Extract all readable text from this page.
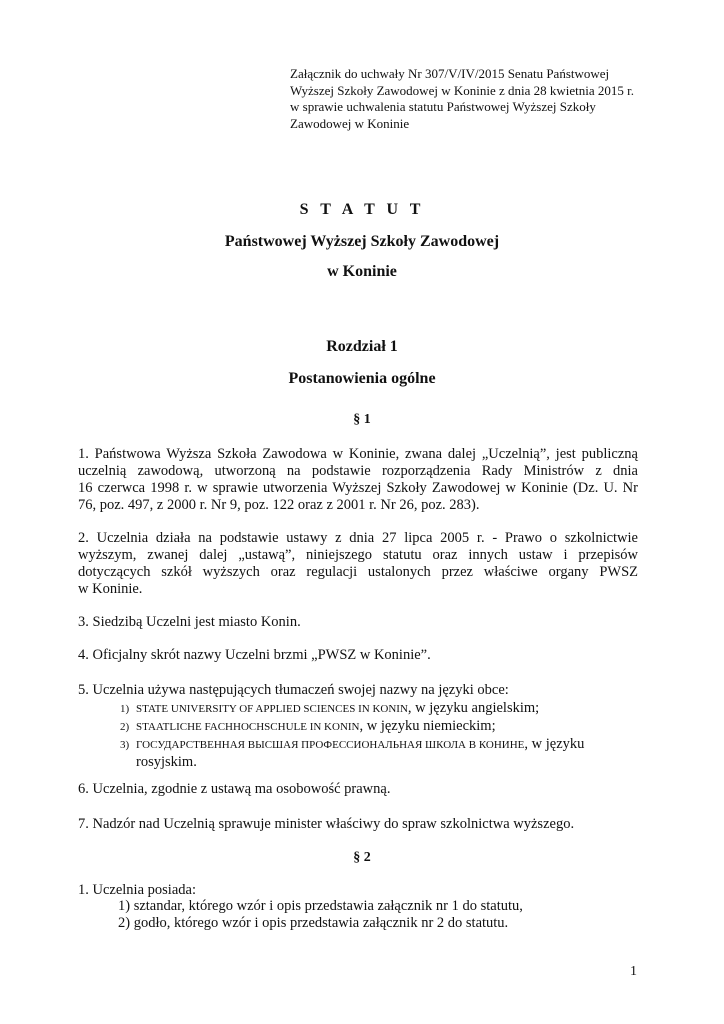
Załącznik do uchwały Nr 307/V/IV/2015 Senatu Państwowej
Wyższej Szkoły Zawodowej w Koninie z dnia 28 kwietnia 2015 r.
w sprawie uchwalenia statutu Państwowej Wyższej Szkoły
Zawodowej w Koninie
S T A T U T
Państwowej Wyższej Szkoły Zawodowej
w Koninie
Rozdział 1
Postanowienia ogólne
§ 1
1. Państwowa Wyższa Szkoła Zawodowa w Koninie, zwana dalej „Uczelnią”, jest publiczną
uczelnią zawodową, utworzoną na podstawie rozporządzenia Rady Ministrów z dnia
16 czerwca 1998 r. w sprawie utworzenia Wyższej Szkoły Zawodowej w Koninie (Dz. U. Nr
76, poz. 497, z 2000 r. Nr 9, poz. 122 oraz z 2001 r. Nr 26, poz. 283).
2. Uczelnia działa na podstawie ustawy z dnia 27 lipca 2005 r. - Prawo o szkolnictwie
wyższym, zwanej dalej „ustawą”, niniejszego statutu oraz innych ustaw i przepisów
dotyczących szkół wyższych oraz regulacji ustalonych przez właściwe organy PWSZ
w Koninie.
3. Siedzibą Uczelni jest miasto Konin.
4. Oficjalny skrót nazwy Uczelni brzmi „PWSZ w Koninie”.
5. Uczelnia używa następujących tłumaczeń swojej nazwy na języki obce:
1) STATE UNIVERSITY OF APPLIED SCIENCES IN KONIN, w języku angielskim;
2) STAATLICHE FACHHOCHSCHULE IN KONIN, w języku niemieckim;
3) ГОСУДАРСТВЕННАЯ ВЫСШАЯ ПРОФЕССИОНАЛЬНАЯ ШКОЛА В КОНИНЕ, w języku
rosyjskim.
6. Uczelnia, zgodnie z ustawą ma osobowość prawną.
7. Nadzór nad Uczelnią sprawuje minister właściwy do spraw szkolnictwa wyższego.
§ 2
1. Uczelnia posiada:
1) sztandar, którego wzór i opis przedstawia załącznik nr 1 do statutu,
2) godło, którego wzór i opis przedstawia załącznik nr 2 do statutu.
1
